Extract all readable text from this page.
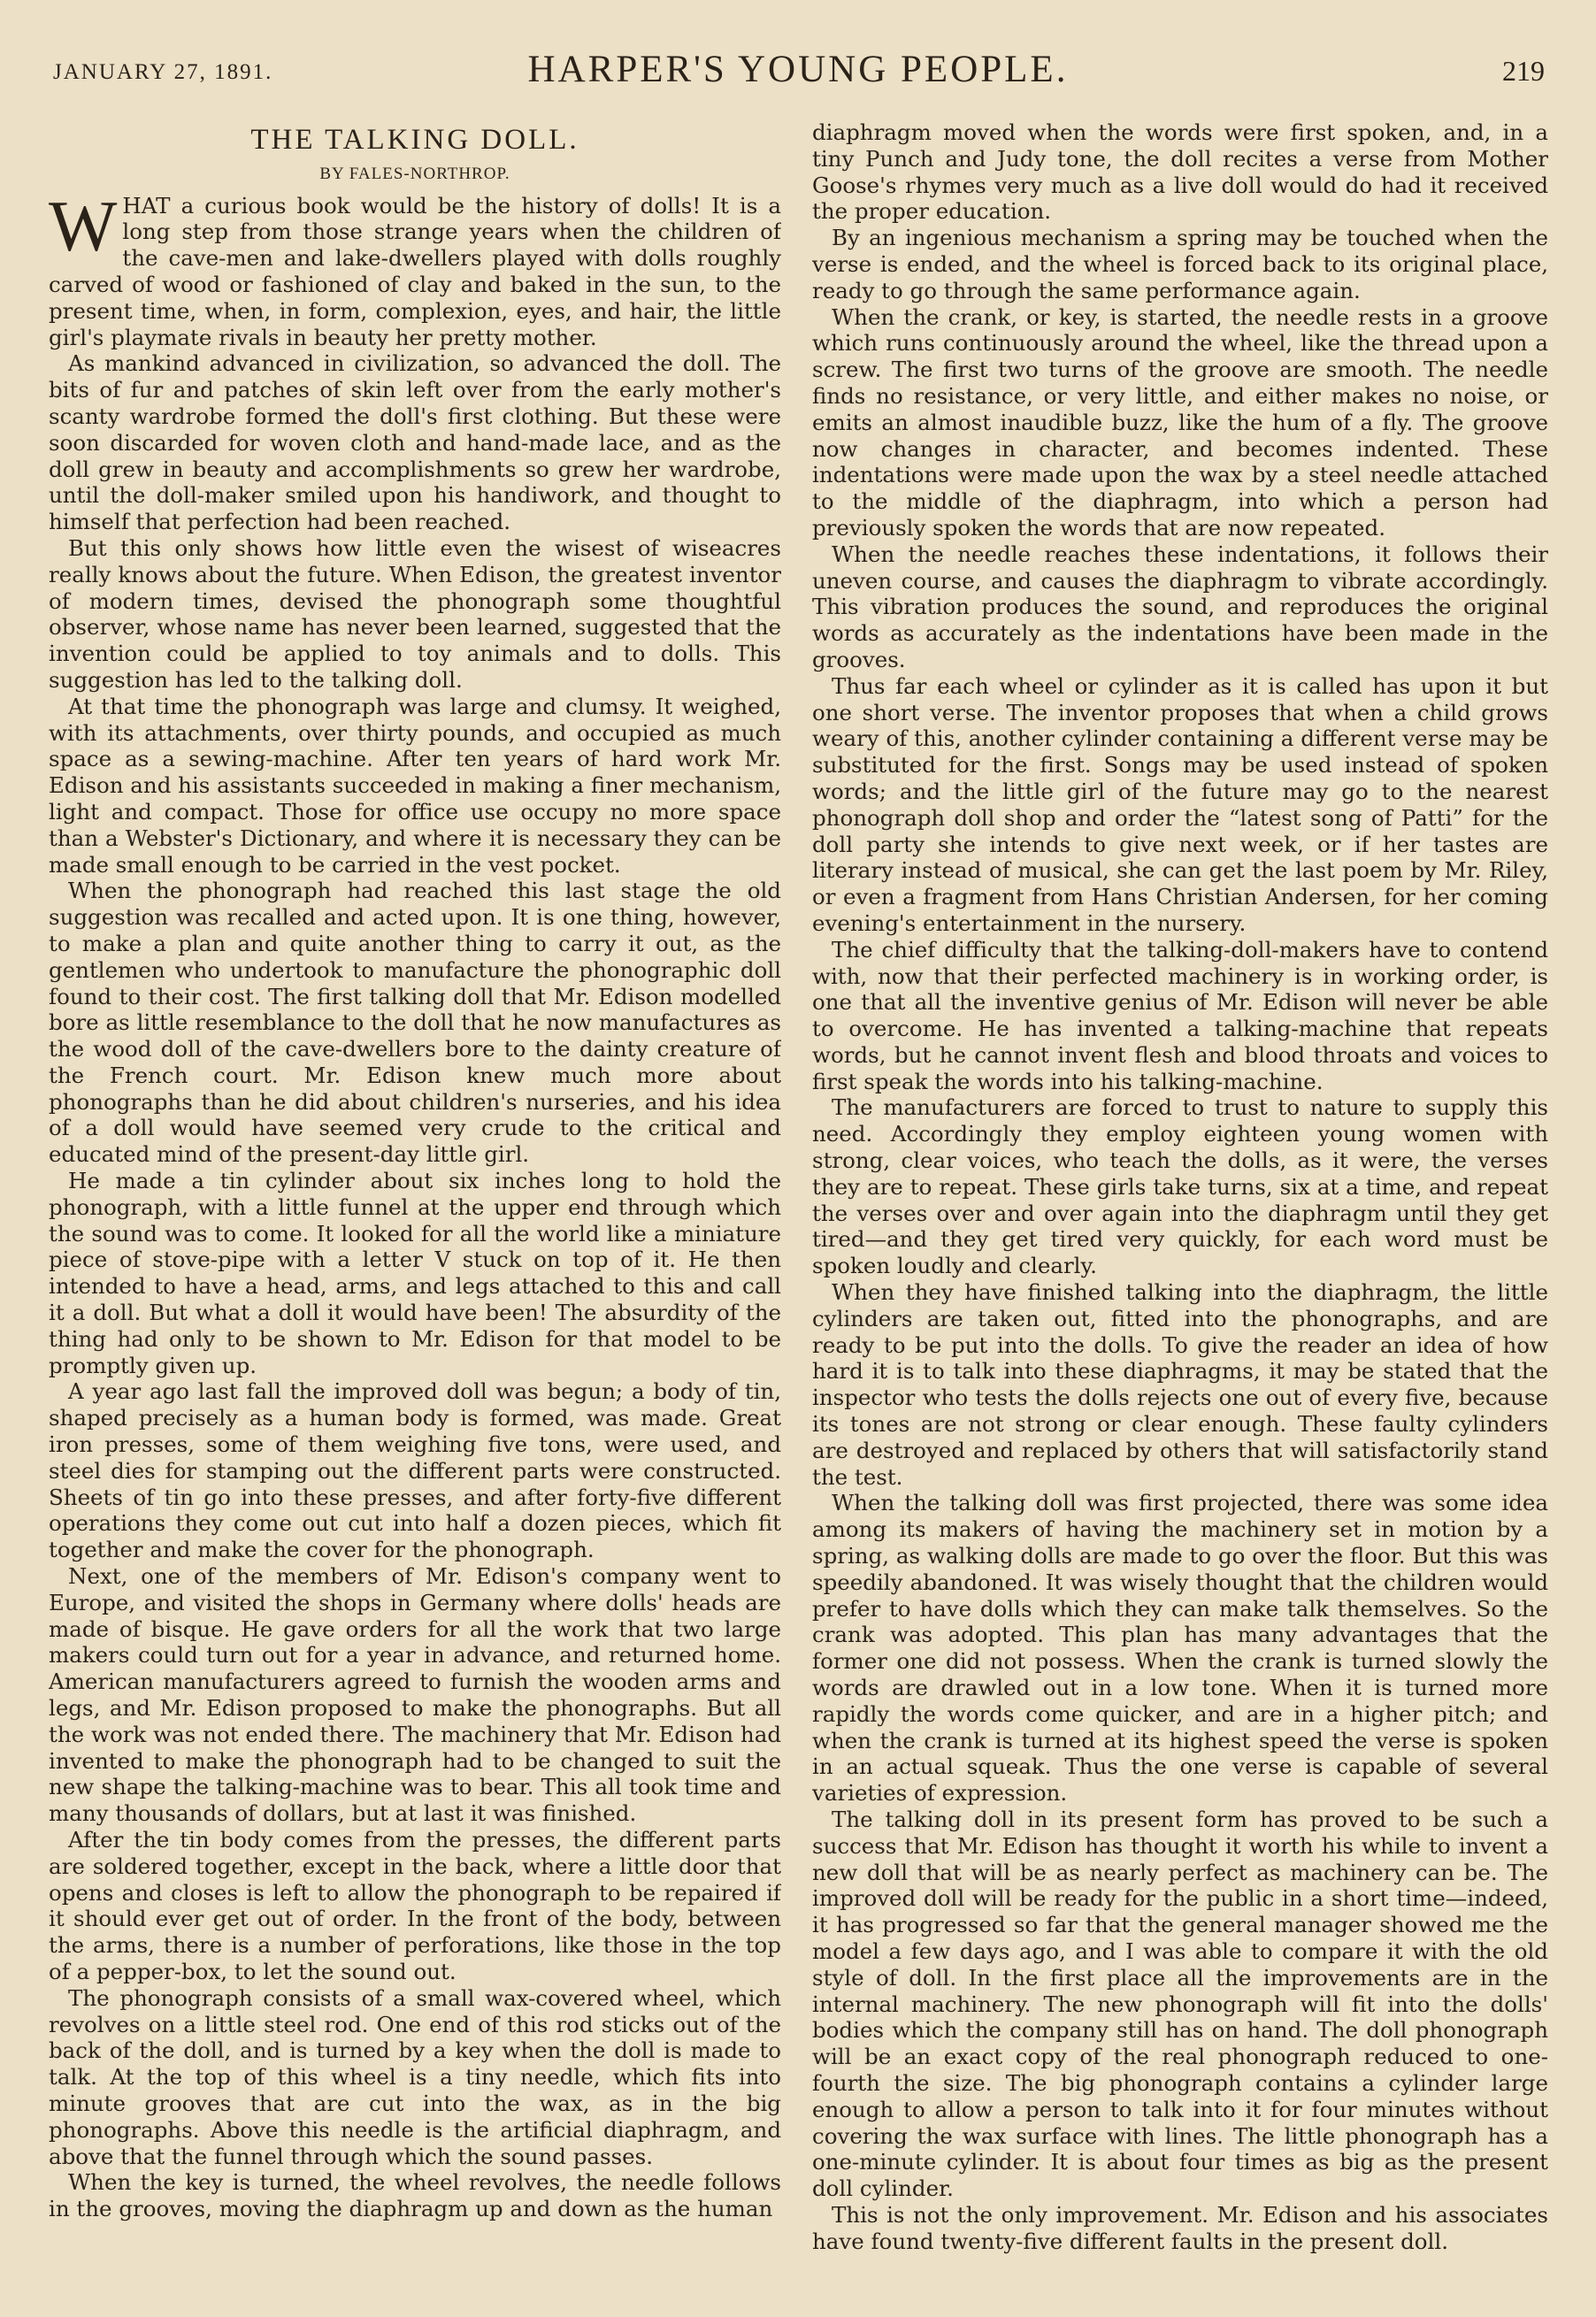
JANUARY 27, 1891.	HARPER'S YOUNG PEOPLE.	219
THE TALKING DOLL.
BY FALES-NORTHROP.

WHAT a curious book would be the history of dolls! It is a long step from those strange years when the children of the cave-men and lake-dwellers played with dolls roughly carved of wood or fashioned of clay and baked in the sun, to the present time, when, in form, complexion, eyes, and hair, the little girl's playmate rivals in beauty her pretty mother.

As mankind advanced in civilization, so advanced the doll. The bits of fur and patches of skin left over from the early mother's scanty wardrobe formed the doll's first clothing. But these were soon discarded for woven cloth and hand-made lace, and as the doll grew in beauty and accomplishments so grew her wardrobe, until the doll-maker smiled upon his handiwork, and thought to himself that perfection had been reached.

But this only shows how little even the wisest of wiseacres really knows about the future. When Edison, the greatest inventor of modern times, devised the phonograph some thoughtful observer, whose name has never been learned, suggested that the invention could be applied to toy animals and to dolls. This suggestion has led to the talking doll.

At that time the phonograph was large and clumsy. It weighed, with its attachments, over thirty pounds, and occupied as much space as a sewing-machine. After ten years of hard work Mr. Edison and his assistants succeeded in making a finer mechanism, light and compact. Those for office use occupy no more space than a Webster's Dictionary, and where it is necessary they can be made small enough to be carried in the vest pocket.

When the phonograph had reached this last stage the old suggestion was recalled and acted upon. It is one thing, however, to make a plan and quite another thing to carry it out, as the gentlemen who undertook to manufacture the phonographic doll found to their cost. The first talking doll that Mr. Edison modelled bore as little resemblance to the doll that he now manufactures as the wood doll of the cave-dwellers bore to the dainty creature of the French court. Mr. Edison knew much more about phonographs than he did about children's nurseries, and his idea of a doll would have seemed very crude to the critical and educated mind of the present-day little girl.

He made a tin cylinder about six inches long to hold the phonograph, with a little funnel at the upper end through which the sound was to come. It looked for all the world like a miniature piece of stove-pipe with a letter V stuck on top of it. He then intended to have a head, arms, and legs attached to this and call it a doll. But what a doll it would have been! The absurdity of the thing had only to be shown to Mr. Edison for that model to be promptly given up.

A year ago last fall the improved doll was begun; a body of tin, shaped precisely as a human body is formed, was made. Great iron presses, some of them weighing five tons, were used, and steel dies for stamping out the different parts were constructed. Sheets of tin go into these presses, and after forty-five different operations they come out cut into half a dozen pieces, which fit together and make the cover for the phonograph.

Next, one of the members of Mr. Edison's company went to Europe, and visited the shops in Germany where dolls' heads are made of bisque. He gave orders for all the work that two large makers could turn out for a year in advance, and returned home. American manufacturers agreed to furnish the wooden arms and legs, and Mr. Edison proposed to make the phonographs. But all the work was not ended there. The machinery that Mr. Edison had invented to make the phonograph had to be changed to suit the new shape the talking-machine was to bear. This all took time and many thousands of dollars, but at last it was finished.

After the tin body comes from the presses, the different parts are soldered together, except in the back, where a little door that opens and closes is left to allow the phonograph to be repaired if it should ever get out of order. In the front of the body, between the arms, there is a number of perforations, like those in the top of a pepper-box, to let the sound out.

The phonograph consists of a small wax-covered wheel, which revolves on a little steel rod. One end of this rod sticks out of the back of the doll, and is turned by a key when the doll is made to talk. At the top of this wheel is a tiny needle, which fits into minute grooves that are cut into the wax, as in the big phonographs. Above this needle is the artificial diaphragm, and above that the funnel through which the sound passes.

When the key is turned, the wheel revolves, the needle follows in the grooves, moving the diaphragm up and down as the human

diaphragm moved when the words were first spoken, and, in a tiny Punch and Judy tone, the doll recites a verse from Mother Goose's rhymes very much as a live doll would do had it received the proper education.

By an ingenious mechanism a spring may be touched when the verse is ended, and the wheel is forced back to its original place, ready to go through the same performance again.

When the crank, or key, is started, the needle rests in a groove which runs continuously around the wheel, like the thread upon a screw. The first two turns of the groove are smooth. The needle finds no resistance, or very little, and either makes no noise, or emits an almost inaudible buzz, like the hum of a fly. The groove now changes in character, and becomes indented. These indentations were made upon the wax by a steel needle attached to the middle of the diaphragm, into which a person had previously spoken the words that are now repeated.

When the needle reaches these indentations, it follows their uneven course, and causes the diaphragm to vibrate accordingly. This vibration produces the sound, and reproduces the original words as accurately as the indentations have been made in the grooves.

Thus far each wheel or cylinder as it is called has upon it but one short verse. The inventor proposes that when a child grows weary of this, another cylinder containing a different verse may be substituted for the first. Songs may be used instead of spoken words; and the little girl of the future may go to the nearest phonograph doll shop and order the “latest song of Patti” for the doll party she intends to give next week, or if her tastes are literary instead of musical, she can get the last poem by Mr. Riley, or even a fragment from Hans Christian Andersen, for her coming evening's entertainment in the nursery.

The chief difficulty that the talking-doll-makers have to contend with, now that their perfected machinery is in working order, is one that all the inventive genius of Mr. Edison will never be able to overcome. He has invented a talking-machine that repeats words, but he cannot invent flesh and blood throats and voices to first speak the words into his talking-machine.

The manufacturers are forced to trust to nature to supply this need. Accordingly they employ eighteen young women with strong, clear voices, who teach the dolls, as it were, the verses they are to repeat. These girls take turns, six at a time, and repeat the verses over and over again into the diaphragm until they get tired—and they get tired very quickly, for each word must be spoken loudly and clearly.

When they have finished talking into the diaphragm, the little cylinders are taken out, fitted into the phonographs, and are ready to be put into the dolls. To give the reader an idea of how hard it is to talk into these diaphragms, it may be stated that the inspector who tests the dolls rejects one out of every five, because its tones are not strong or clear enough. These faulty cylinders are destroyed and replaced by others that will satisfactorily stand the test.

When the talking doll was first projected, there was some idea among its makers of having the machinery set in motion by a spring, as walking dolls are made to go over the floor. But this was speedily abandoned. It was wisely thought that the children would prefer to have dolls which they can make talk themselves. So the crank was adopted. This plan has many advantages that the former one did not possess. When the crank is turned slowly the words are drawled out in a low tone. When it is turned more rapidly the words come quicker, and are in a higher pitch; and when the crank is turned at its highest speed the verse is spoken in an actual squeak. Thus the one verse is capable of several varieties of expression.

The talking doll in its present form has proved to be such a success that Mr. Edison has thought it worth his while to invent a new doll that will be as nearly perfect as machinery can be. The improved doll will be ready for the public in a short time—indeed, it has progressed so far that the general manager showed me the model a few days ago, and I was able to compare it with the old style of doll. In the first place all the improvements are in the internal machinery. The new phonograph will fit into the dolls' bodies which the company still has on hand. The doll phonograph will be an exact copy of the real phonograph reduced to one-fourth the size. The big phonograph contains a cylinder large enough to allow a person to talk into it for four minutes without covering the wax surface with lines. The little phonograph has a one-minute cylinder. It is about four times as big as the present doll cylinder.

This is not the only improvement. Mr. Edison and his associates have found twenty-five different faults in the present doll.
